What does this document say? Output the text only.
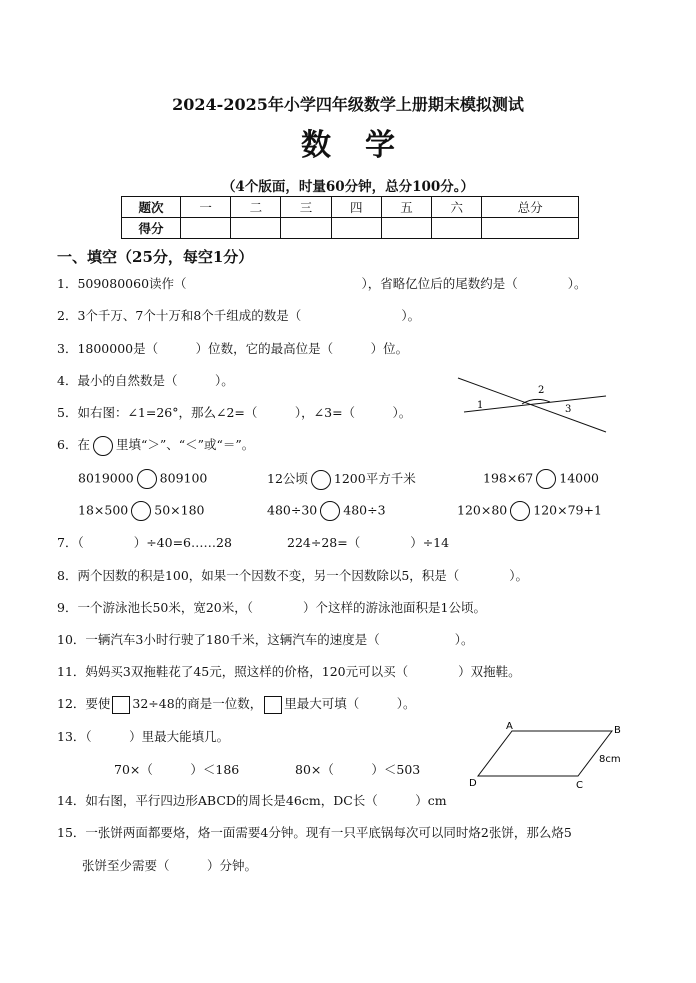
2024-2025年小学四年级数学上册期末模拟测试
数学
（4个版面，时量60分钟，总分100分。）
题次	一	二	三	四	五	六	总分
得分							
一、填空（25分，每空1分）
1．509080060读作（　　　　　　　　　　　　　　），省略亿位后的尾数约是（　　　　）。
2．3个千万、7个十万和8个千组成的数是（　　　　　　　　）。
3．1800000是（　　　）位数，它的最高位是（　　　）位。
4．最小的自然数是（　　　）。
5．如右图：∠1=26°，那么∠2=（　　　），∠3=（　　　）。	1
2
3
6．在 里填“＞”、“＜”或“＝”。
8019000 809100	12公顷 1200平方千米	198×67 14000
18×500 50×180	480÷30 480÷3	120×80 120×79+1
7．（　　　　）÷40=6……28	224÷28=（　　　　）÷14
8．两个因数的积是100，如果一个因数不变，另一个因数除以5，积是（　　　　）。
9．一个游泳池长50米，宽20米，（　　　　）个这样的游泳池面积是1公顷。
10．一辆汽车3小时行驶了180千米，这辆汽车的速度是（　　　　　　）。
11．妈妈买3双拖鞋花了45元，照这样的价格，120元可以买（　　　　）双拖鞋。
12．要使 32÷48的商是一位数， 里最大可填（　　　）。
13．（　　　）里最大能填几。
70×（　　　）＜186	80×（　　　）＜503
A	B
C
D
8cm
14．如右图，平行四边形ABCD的周长是46cm，DC长（　　　）cm
15．一张饼两面都要烙，烙一面需要4分钟。现有一只平底锅每次可以同时烙2张饼，那么烙5
张饼至少需要（　　　）分钟。
